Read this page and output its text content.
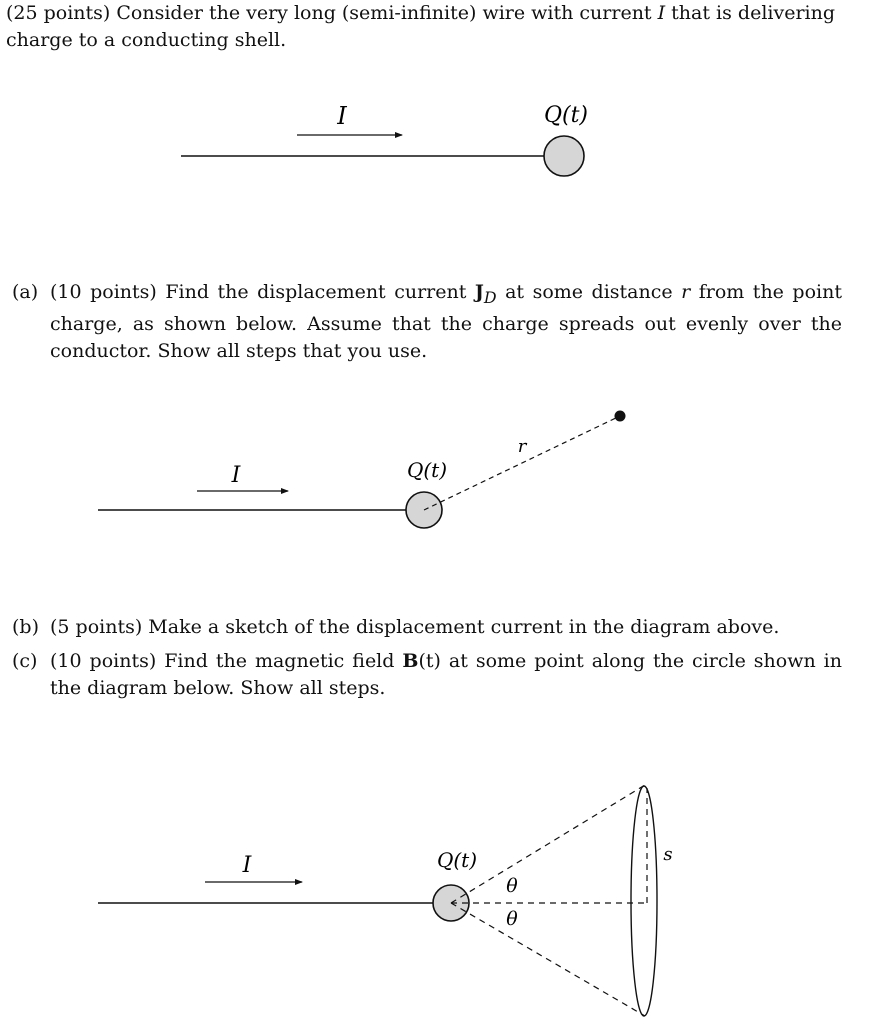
(25 points) Consider the very long (semi-infinite) wire with current I that is delivering charge to a conducting shell.

(a) (10 points) Find the displacement current $J_D$ at some distance r from the point charge, as shown below. Assume that the charge spreads out evenly over the conductor. Show all steps that you use.
(b) (5 points) Make a sketch of the displacement current in the diagram above.
(c) (10 points) Find the magnetic field B(t) at some point along the circle shown in the diagram below. Show all steps.
I	Q(t)
I	Q(t)
r
I	Q(t)
θ
θ
s
